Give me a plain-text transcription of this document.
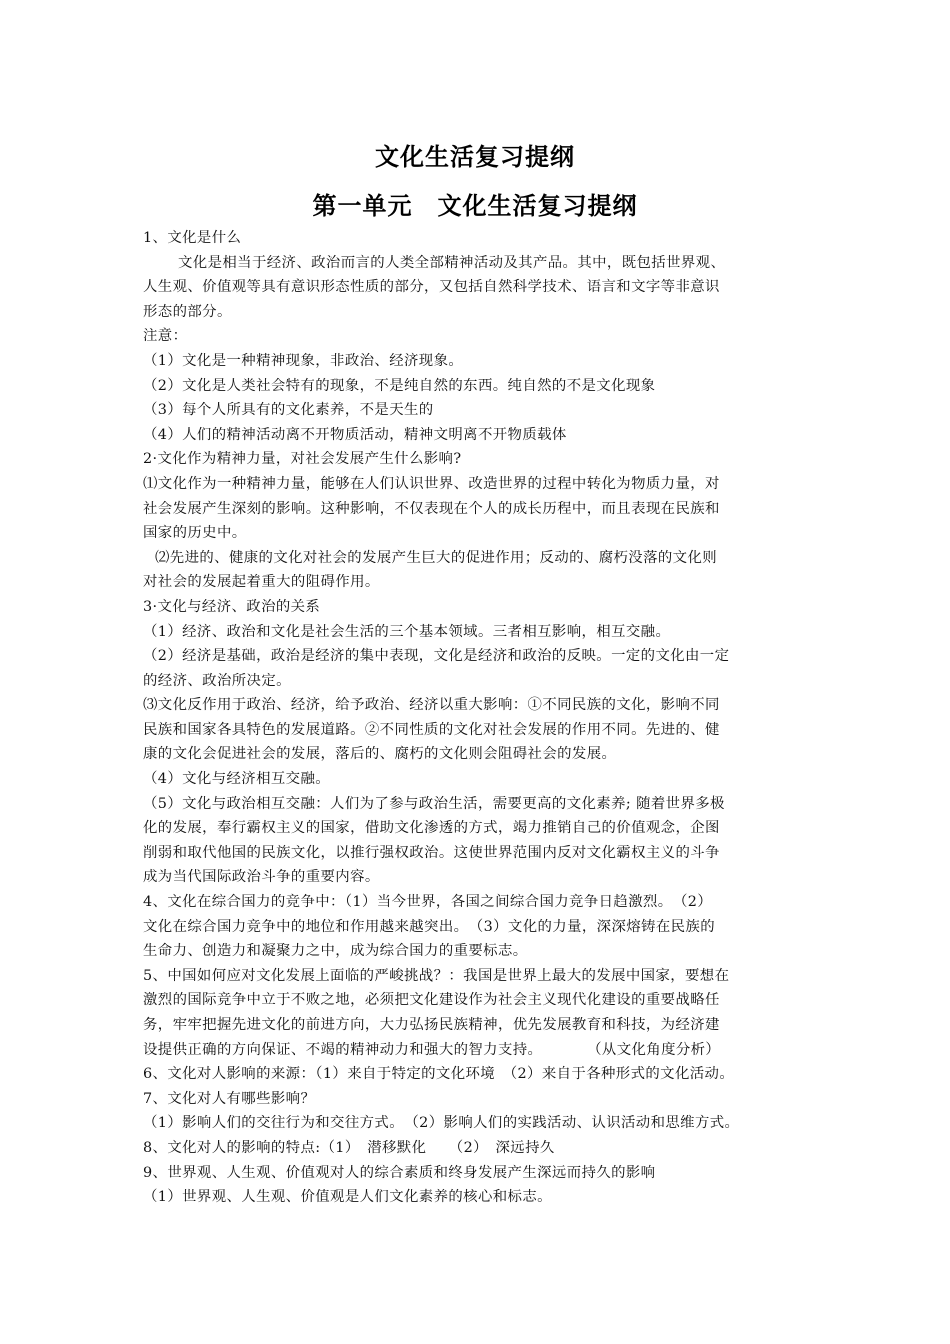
文化生活复习提纲
第一单元　文化生活复习提纲

1、文化是什么

文化是相当于经济、政治而言的人类全部精神活动及其产品。其中，既包括世界观、

人生观、价值观等具有意识形态性质的部分，又包括自然科学技术、语言和文字等非意识

形态的部分。

注意：

（1）文化是一种精神现象，非政治、经济现象。

（2）文化是人类社会特有的现象，不是纯自然的东西。纯自然的不是文化现象

（3）每个人所具有的文化素养，不是天生的

（4）人们的精神活动离不开物质活动，精神文明离不开物质载体

2·文化作为精神力量，对社会发展产生什么影响?

⑴文化作为一种精神力量，能够在人们认识世界、改造世界的过程中转化为物质力量，对

社会发展产生深刻的影响。这种影响，不仅表现在个人的成长历程中，而且表现在民族和

国家的历史中。

⑵先进的、健康的文化对社会的发展产生巨大的促进作用；反动的、腐朽没落的文化则

对社会的发展起着重大的阻碍作用。

3·文化与经济、政治的关系

（1）经济、政治和文化是社会生活的三个基本领域。三者相互影响，相互交融。

（2）经济是基础，政治是经济的集中表现，文化是经济和政治的反映。一定的文化由一定

的经济、政治所决定。

⑶文化反作用于政治、经济，给予政治、经济以重大影响：①不同民族的文化，影响不同

民族和国家各具特色的发展道路。②不同性质的文化对社会发展的作用不同。先进的、健

康的文化会促进社会的发展，落后的、腐朽的文化则会阻碍社会的发展。

（4）文化与经济相互交融。

（5）文化与政治相互交融：人们为了参与政治生活，需要更高的文化素养; 随着世界多极

化的发展，奉行霸权主义的国家，借助文化渗透的方式，竭力推销自己的价值观念，企图

削弱和取代他国的民族文化，以推行强权政治。这使世界范围内反对文化霸权主义的斗争

成为当代国际政治斗争的重要内容。

4、文化在综合国力的竞争中：（1）当今世界，各国之间综合国力竞争日趋激烈。　（2）

文化在综合国力竞争中的地位和作用越来越突出。　（3）文化的力量，深深熔铸在民族的

生命力、创造力和凝聚力之中，成为综合国力的重要标志。

5、中国如何应对文化发展上面临的严峻挑战？：我国是世界上最大的发展中国家，要想在

激烈的国际竞争中立于不败之地，必须把文化建设作为社会主义现代化建设的重要战略任

务，牢牢把握先进文化的前进方向，大力弘扬民族精神，优先发展教育和科技，为经济建

设提供正确的方向保证、不竭的精神动力和强大的智力支持。　　　　（从文化角度分析）

6、文化对人影响的来源：（1）来自于特定的文化环境　（2）来自于各种形式的文化活动。

7、文化对人有哪些影响？

（1）影响人们的交往行为和交往方式。　（2）影响人们的实践活动、认识活动和思维方式。

8、文化对人的影响的特点:（1）　潜移默化　　（2）　深远持久

9、世界观、人生观、价值观对人的综合素质和终身发展产生深远而持久的影响

（1）世界观、人生观、价值观是人们文化素养的核心和标志。
